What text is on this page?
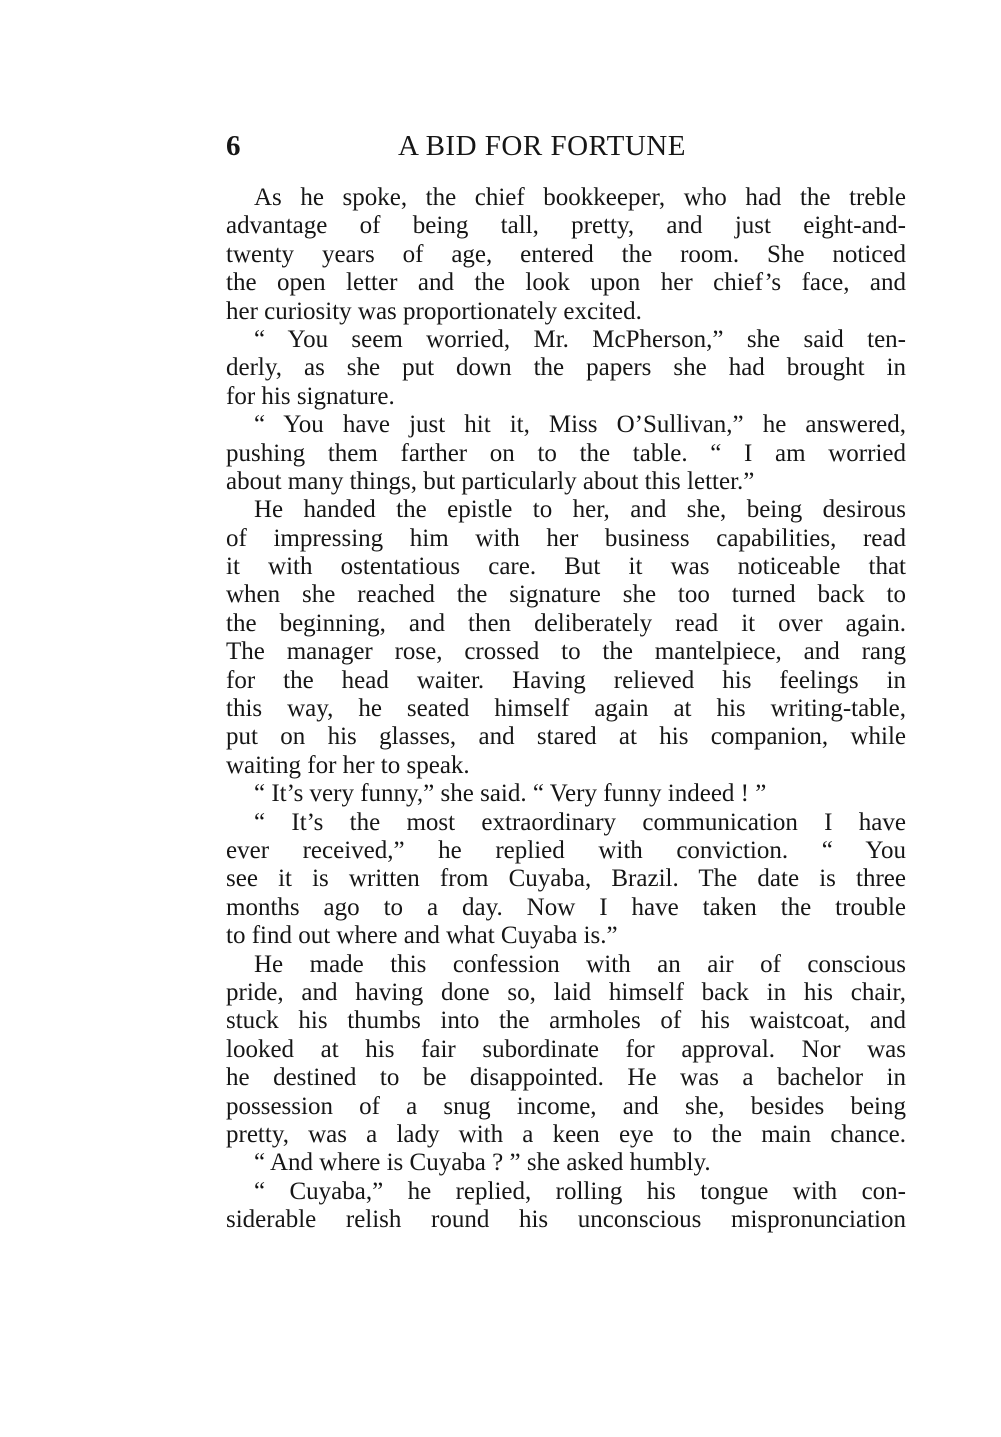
6	A BID FOR FORTUNE
As he spoke, the chief bookkeeper, who had the treble
advantage of being tall, pretty, and just eight-and-
twenty years of age, entered the room. She noticed
the open letter and the look upon her chief’s face, and
her curiosity was proportionately excited.
“ You seem worried, Mr. McPherson,” she said ten-
derly, as she put down the papers she had brought in
for his signature.
“ You have just hit it, Miss O’Sullivan,” he answered,
pushing them farther on to the table. “ I am worried
about many things, but particularly about this letter.”
He handed the epistle to her, and she, being desirous
of impressing him with her business capabilities, read
it with ostentatious care. But it was noticeable that
when she reached the signature she too turned back to
the beginning, and then deliberately read it over again.
The manager rose, crossed to the mantelpiece, and rang
for the head waiter. Having relieved his feelings in
this way, he seated himself again at his writing-table,
put on his glasses, and stared at his companion, while
waiting for her to speak.
“ It’s very funny,” she said. “ Very funny indeed ! ”
“ It’s the most extraordinary communication I have
ever received,” he replied with conviction. “ You
see it is written from Cuyaba, Brazil. The date is three
months ago to a day. Now I have taken the trouble
to find out where and what Cuyaba is.”
He made this confession with an air of conscious
pride, and having done so, laid himself back in his chair,
stuck his thumbs into the armholes of his waistcoat, and
looked at his fair subordinate for approval. Nor was
he destined to be disappointed. He was a bachelor in
possession of a snug income, and she, besides being
pretty, was a lady with a keen eye to the main chance.
“ And where is Cuyaba ? ” she asked humbly.
“ Cuyaba,” he replied, rolling his tongue with con-
siderable relish round his unconscious mispronunciation
